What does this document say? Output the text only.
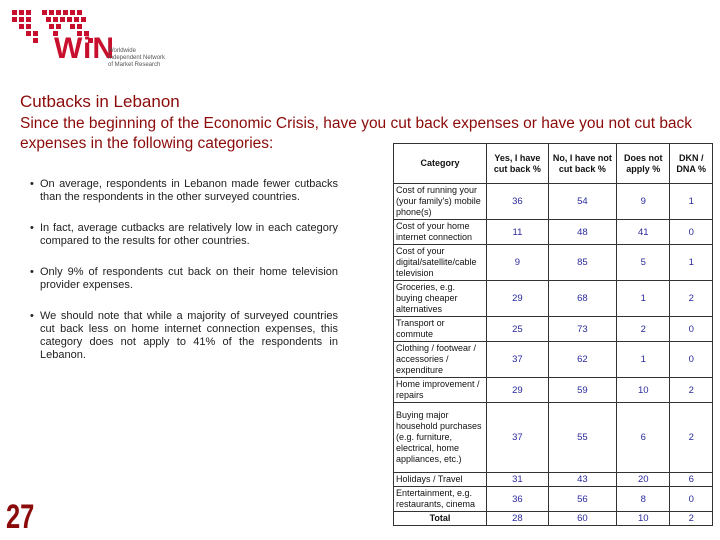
WiN
Worldwide
Independent Network
of Market Research
Cutbacks in Lebanon
Since the beginning of the Economic Crisis, have you cut back expenses or have you not cut back expenses in the following categories:
• On average, respondents in Lebanon made fewer cutbacks than the respondents in the other surveyed countries.
• In fact, average cutbacks are relatively low in each category compared to the results for other countries.
• Only 9% of respondents cut back on their home television provider expenses.
• We should note that while a majority of surveyed countries cut back less on home internet connection expenses, this category does not apply to 41% of the respondents in Lebanon.
27
Category	Yes, I have cut back %	No, I have not cut back %	Does not apply %	DKN / DNA %
Cost of running your (your family's) mobile phone(s)	36	54	9	1
Cost of your home internet connection	11	48	41	0
Cost of your digital/satellite/cable television	9	85	5	1
Groceries, e.g. buying cheaper alternatives	29	68	1	2
Transport or commute	25	73	2	0
Clothing / footwear / accessories / expenditure	37	62	1	0
Home improvement / repairs	29	59	10	2
Buying major household purchases (e.g. furniture, electrical, home appliances, etc.)	37	55	6	2
Holidays / Travel	31	43	20	6
Entertainment, e.g. restaurants, cinema	36	56	8	0
Total	28	60	10	2
